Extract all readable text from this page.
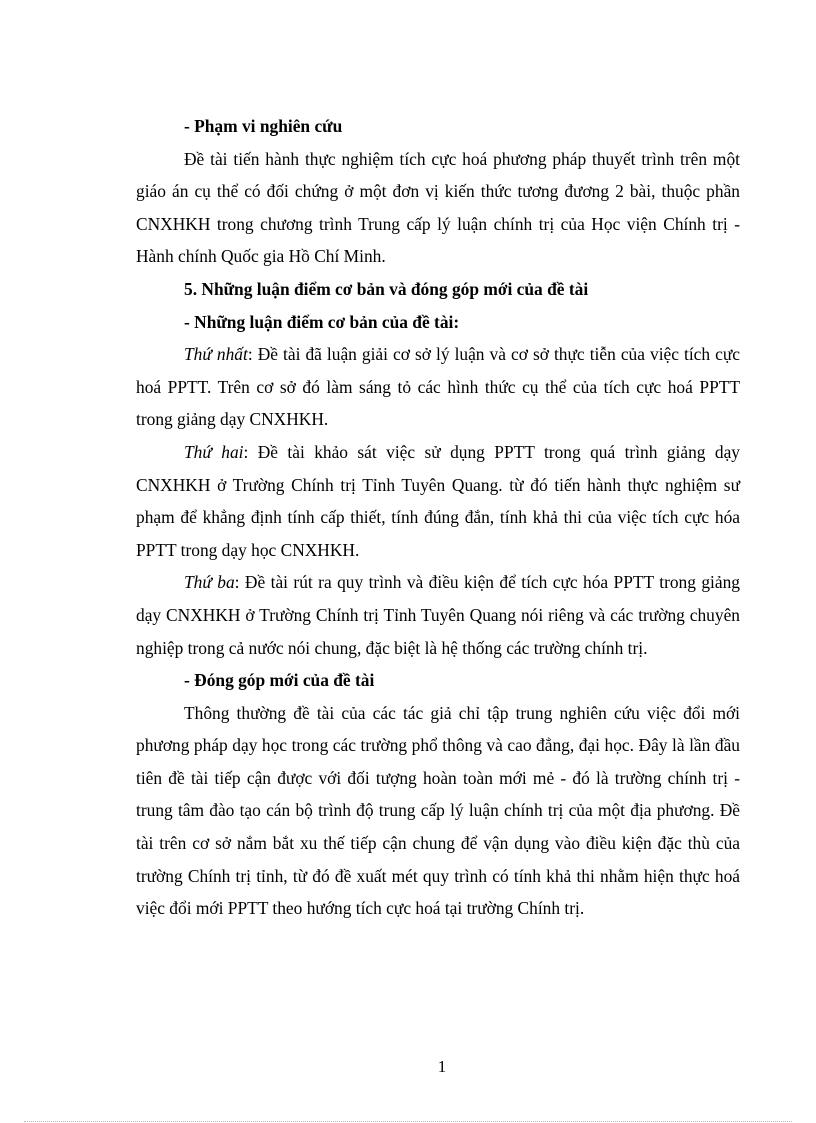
- Phạm vi nghiên cứu

Đề tài tiến hành thực nghiệm tích cực hoá phương pháp thuyết trình trên một giáo án cụ thể có đối chứng ở một đơn vị kiến thức tương đương 2 bài, thuộc phần CNXHKH trong chương trình Trung cấp lý luận chính trị của Học viện Chính trị - Hành chính Quốc gia Hồ Chí Minh.

5. Những luận điểm cơ bản và đóng góp mới của đề tài

- Những luận điểm cơ bản của đề tài:

Thứ nhất: Đề tài đã luận giải cơ sở lý luận và cơ sở thực tiễn của việc tích cực hoá PPTT. Trên cơ sở đó làm sáng tỏ các hình thức cụ thể của tích cực hoá PPTT trong giảng dạy CNXHKH.

Thứ hai: Đề tài khảo sát việc sử dụng PPTT trong quá trình giảng dạy CNXHKH ở Trường Chính trị Tỉnh Tuyên Quang. từ đó tiến hành thực nghiệm sư phạm để khẳng định tính cấp thiết, tính đúng đắn, tính khả thi của việc tích cực hóa PPTT trong dạy học CNXHKH.

Thứ ba: Đề tài rút ra quy trình và điều kiện để tích cực hóa PPTT trong giảng dạy CNXHKH ở Trường Chính trị Tỉnh Tuyên Quang nói riêng và các trường chuyên nghiệp trong cả nước nói chung, đặc biệt là hệ thống các trường chính trị.

- Đóng góp mới của đề tài

Thông thường đề tài của các tác giả chỉ tập trung nghiên cứu việc đổi mới phương pháp dạy học trong các trường phổ thông và cao đẳng, đại học. Đây là lần đầu tiên đề tài tiếp cận được với đối tượng hoàn toàn mới mẻ - đó là trường chính trị - trung tâm đào tạo cán bộ trình độ trung cấp lý luận chính trị của một địa phương. Đề tài trên cơ sở nắm bắt xu thế tiếp cận chung để vận dụng vào điều kiện đặc thù của trường Chính trị tỉnh, từ đó đề xuất mét quy trình có tính khả thi nhằm hiện thực hoá việc đổi mới PPTT theo hướng tích cực hoá tại trường Chính trị.

1
